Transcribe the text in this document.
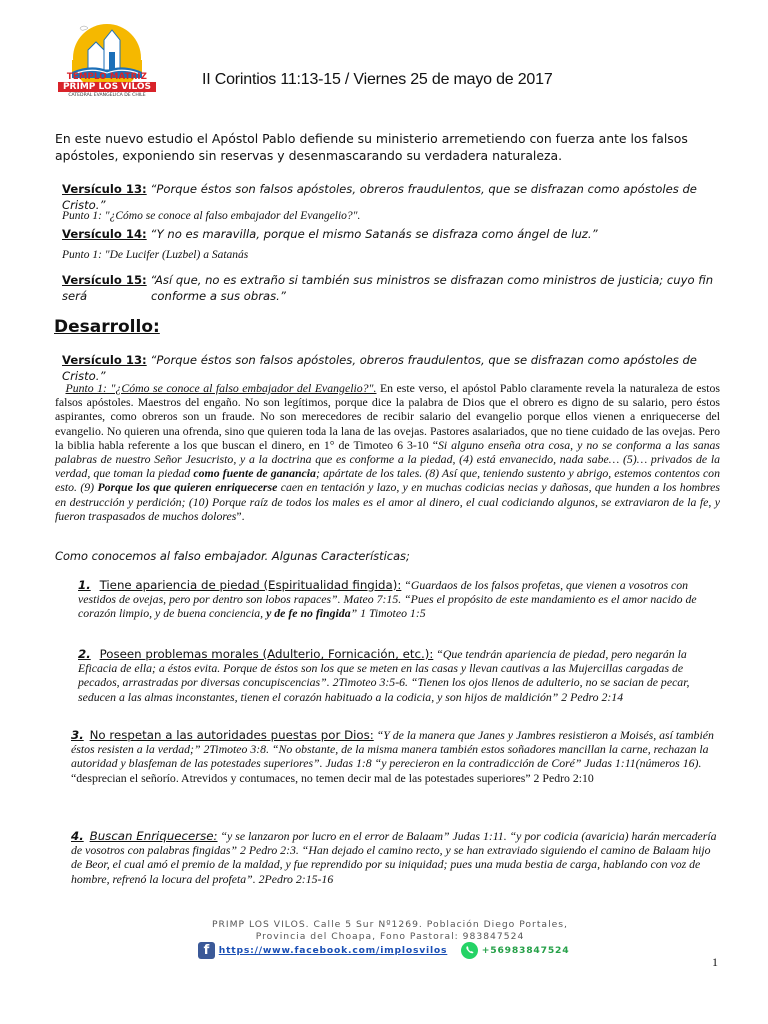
TEMPLO MATRIZ
PRIMP LOS VILOS
CATEDRAL EVANGELICA DE CHILE
II Corintios 11:13-15 / Viernes 25 de mayo de 2017
En este nuevo estudio el Apóstol Pablo defiende su ministerio arremetiendo con fuerza ante los falsos apóstoles, exponiendo sin reservas y desenmascarando su verdadera naturaleza.
Versículo 13: “Porque éstos son falsos apóstoles, obreros fraudulentos, que se disfrazan como apóstoles de Cristo.”
Punto 1: "¿Cómo se conoce al falso embajador del Evangelio?".
Versículo 14: “Y no es maravilla, porque el mismo Satanás se disfraza como ángel de luz.”
Punto 1: "De Lucifer (Luzbel) a Satanás
Versículo 15: “Así que, no es extraño si también sus ministros se disfrazan como ministros de justicia; cuyo fin será	conforme a sus obras.”
Desarrollo:
Versículo 13: “Porque éstos son falsos apóstoles, obreros fraudulentos, que se disfrazan como apóstoles de Cristo.”
Punto 1: "¿Cómo se conoce al falso embajador del Evangelio?". En este verso, el apóstol Pablo claramente revela la naturaleza de estos falsos apóstoles. Maestros del engaño. No son legítimos, porque dice la palabra de Dios que el obrero es digno de su salario, pero éstos aspirantes, como obreros son un fraude. No son merecedores de recibir salario del evangelio porque ellos vienen a enriquecerse del evangelio. No quieren una ofrenda, sino que quieren toda la lana de las ovejas. Pastores asalariados, que no tiene cuidado de las ovejas. Pero la biblia habla referente a los que buscan el dinero, en 1° de Timoteo 6 3-10 “Si alguno enseña otra cosa, y no se conforma a las sanas palabras de nuestro Señor Jesucristo, y a la doctrina que es conforme a la piedad, (4) está envanecido, nada sabe… (5)… privados de la verdad, que toman la piedad como fuente de ganancia; apártate de los tales. (8) Así que, teniendo sustento y abrigo, estemos contentos con esto. (9) Porque los que quieren enriquecerse caen en tentación y lazo, y en muchas codicias necias y dañosas, que hunden a los hombres en destrucción y perdición; (10) Porque raíz de todos los males es el amor al dinero, el cual codiciando algunos, se extraviaron de la fe, y fueron traspasados de muchos dolores”.
Como conocemos al falso embajador. Algunas Características;
1. Tiene apariencia de piedad (Espiritualidad fingida): “Guardaos de los falsos profetas, que vienen a vosotros con vestidos de ovejas, pero por dentro son lobos rapaces”. Mateo 7:15. “Pues el propósito de este mandamiento es el amor nacido de corazón limpio, y de buena conciencia, y de fe no fingida” 1 Timoteo 1:5
2. Poseen problemas morales (Adulterio, Fornicación, etc.): “Que tendrán apariencia de piedad, pero negarán la Eficacia de ella; a éstos evita. Porque de éstos son los que se meten en las casas y llevan cautivas a las Mujercillas cargadas de pecados, arrastradas por diversas concupiscencias”. 2Timoteo 3:5-6. “Tienen los ojos llenos de adulterio, no se sacian de pecar, seducen a las almas inconstantes, tienen el corazón habituado a la codicia, y son hijos de maldición” 2 Pedro 2:14
3. No respetan a las autoridades puestas por Dios: “Y de la manera que Janes y Jambres resistieron a Moisés, así también éstos resisten a la verdad;” 2Timoteo 3:8. “No obstante, de la misma manera también estos soñadores mancillan la carne, rechazan la autoridad y blasfeman de las potestades superiores”. Judas 1:8 “y perecieron en la contradicción de Coré” Judas 1:11(números 16). “desprecian el señorío. Atrevidos y contumaces, no temen decir mal de las potestades superiores” 2 Pedro 2:10
4. Buscan Enriquecerse: “y se lanzaron por lucro en el error de Balaam” Judas 1:11. “y por codicia (avaricia) harán mercadería de vosotros con palabras fingidas” 2 Pedro 2:3. “Han dejado el camino recto, y se han extraviado siguiendo el camino de Balaam hijo de Beor, el cual amó el premio de la maldad, y fue reprendido por su iniquidad; pues una muda bestia de carga, hablando con voz de hombre, refrenó la locura del profeta”. 2Pedro 2:15-16
PRIMP LOS VILOS. Calle 5 Sur Nº1269. Población Diego Portales,
Provincia del Choapa, Fono Pastoral: 983847524
f https://www.facebook.com/implosvilos	+56983847524
1
